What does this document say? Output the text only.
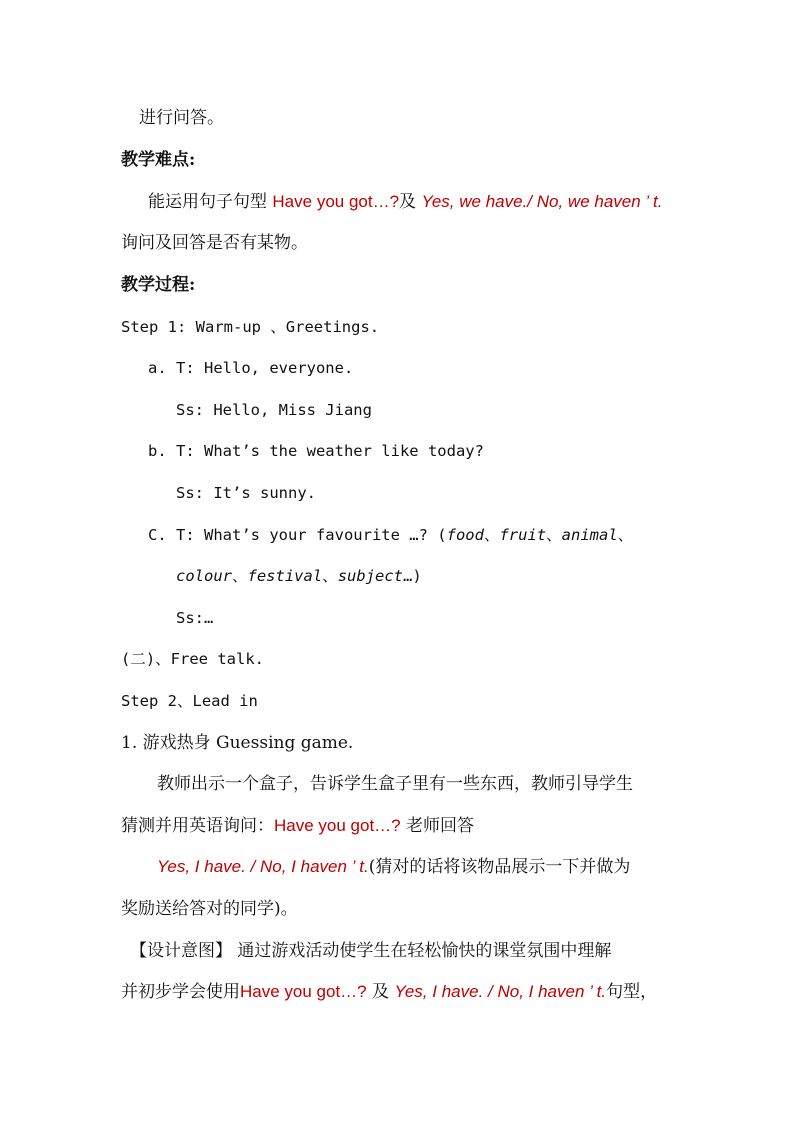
进行问答。
教学难点:
能运用句子句型 Have you got…?及 Yes, we have./ No, we haven ’ t.
询问及回答是否有某物。
教学过程:
Step 1: Warm-up 、Greetings.
a. T: Hello, everyone.
Ss: Hello, Miss Jiang
b. T: What’s the weather like today?
Ss: It’s sunny.
C. T: What’s your favourite …? (food、fruit、animal、
colour、festival、subject…)
Ss:…
(二)、Free talk.
Step 2、Lead in
1. 游戏热身 Guessing game.
教师出示一个盒子，告诉学生盒子里有一些东西，教师引导学生
猜测并用英语询问：Have you got…? 老师回答
Yes, I have. / No, I haven ’ t.(猜对的话将该物品展示一下并做为
奖励送给答对的同学)。
【设计意图】 通过游戏活动使学生在轻松愉快的课堂氛围中理解
并初步学会使用Have you got…? 及 Yes, I have. / No, I haven ’ t.句型，
